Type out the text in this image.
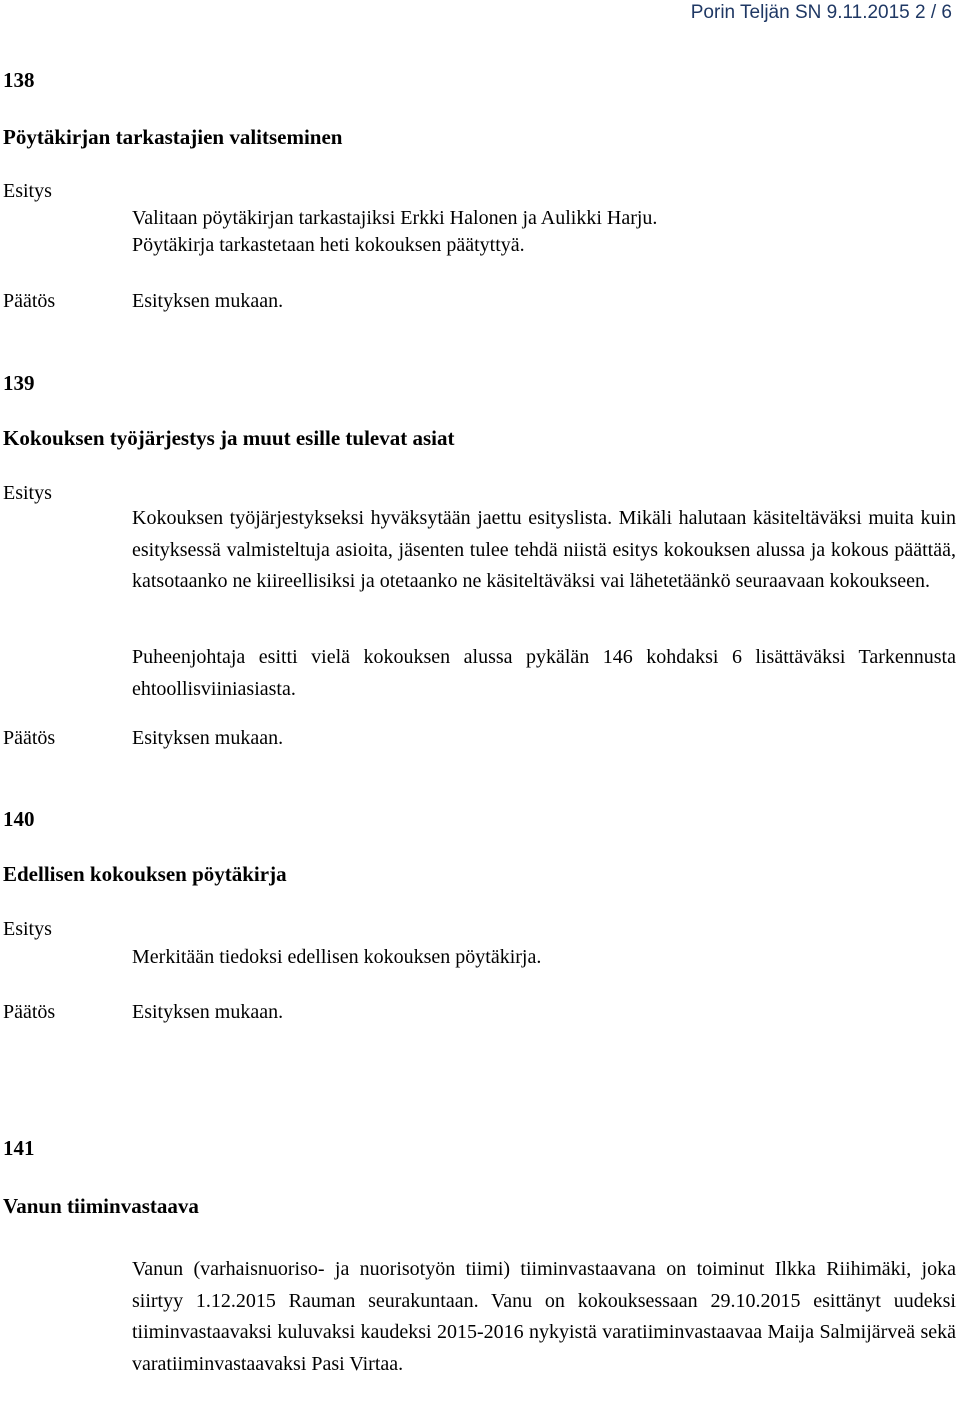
Porin Teljän SN 9.11.2015 2 / 6
138
Pöytäkirjan tarkastajien valitseminen
Esitys
Valitaan pöytäkirjan tarkastajiksi Erkki Halonen ja Aulikki Harju.
Pöytäkirja tarkastetaan heti kokouksen päätyttyä.
Päätös	Esityksen mukaan.
139
Kokouksen työjärjestys ja muut esille tulevat asiat
Esitys
Kokouksen työjärjestykseksi hyväksytään jaettu esityslista. Mikäli halutaan käsiteltäväksi muita kuin esityksessä valmisteltuja asioita, jäsenten tulee tehdä niistä esitys kokouksen alussa ja kokous päättää, katsotaanko ne kiireellisiksi ja otetaanko ne käsiteltäväksi vai lähetetäänkö seuraavaan kokoukseen.
Puheenjohtaja esitti vielä kokouksen alussa pykälän 146 kohdaksi 6 lisättäväksi Tarkennusta ehtoollisviiniasiasta.
Päätös	Esityksen mukaan.
140
Edellisen kokouksen pöytäkirja
Esitys
Merkitään tiedoksi edellisen kokouksen pöytäkirja.
Päätös	Esityksen mukaan.
141
Vanun tiiminvastaava
Vanun (varhaisnuoriso- ja nuorisotyön tiimi) tiiminvastaavana on toiminut Ilkka Riihimäki, joka siirtyy 1.12.2015 Rauman seurakuntaan. Vanu on kokouksessaan 29.10.2015 esittänyt uudeksi tiiminvastaavaksi kuluvaksi kaudeksi 2015-2016 nykyistä varatiiminvastaavaa Maija Salmijärveä sekä varatiiminvastaavaksi Pasi Virtaa.
